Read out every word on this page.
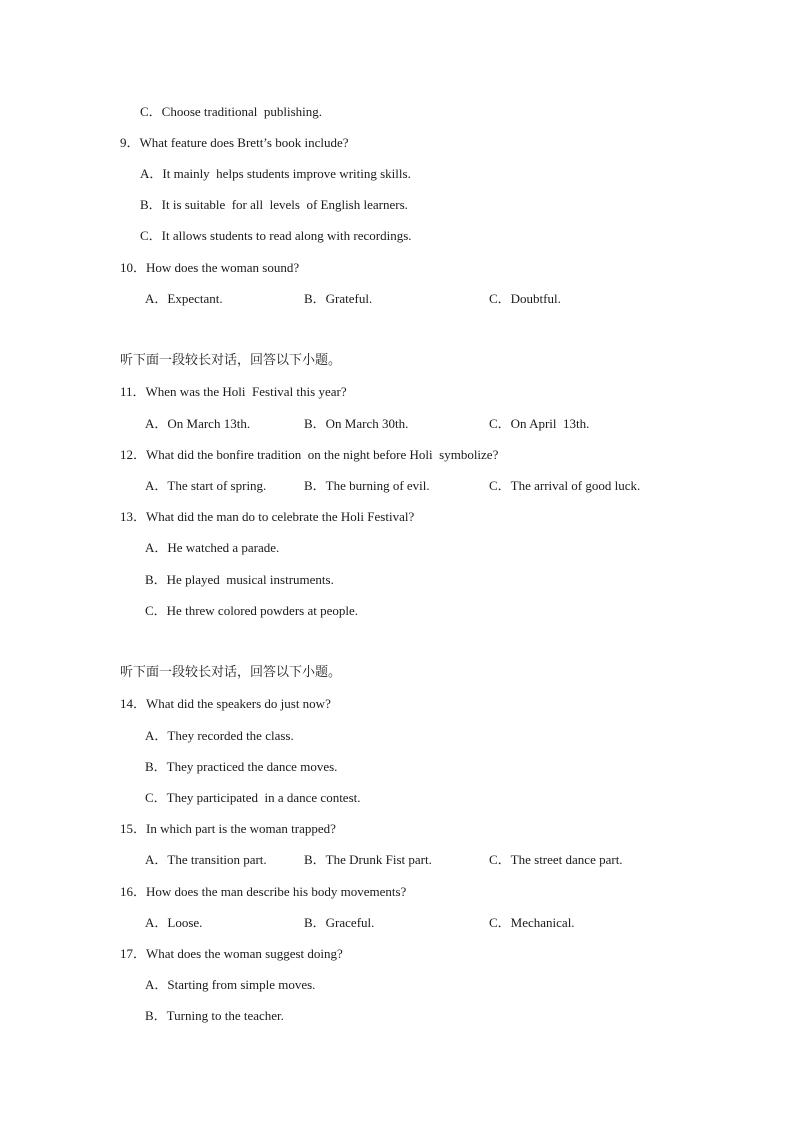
C．Choose traditional  publishing.
9．What feature does Brett’s book include?
A．It mainly  helps students improve writing skills.
B．It is suitable  for all  levels  of English learners.
C．It allows students to read along with recordings.
10．How does the woman sound?
A．Expectant.	B．Grateful.	C．Doubtful.
听下面一段较长对话，回答以下小题。
11．When was the Holi  Festival this year?
A．On March 13th.	B．On March 30th.	C．On April  13th.
12．What did the bonfire tradition  on the night before Holi  symbolize?
A．The start of spring.	B．The burning of evil.	C．The arrival of good luck.
13．What did the man do to celebrate the Holi Festival?
A．He watched a parade.
B．He played  musical instruments.
C．He threw colored powders at people.
听下面一段较长对话，回答以下小题。
14．What did the speakers do just now?
A．They recorded the class.
B．They practiced the dance moves.
C．They participated  in a dance contest.
15．In which part is the woman trapped?
A．The transition part.	B．The Drunk Fist part.	C．The street dance part.
16．How does the man describe his body movements?
A．Loose.	B．Graceful.	C．Mechanical.
17．What does the woman suggest doing?
A．Starting from simple moves.
B．Turning to the teacher.
